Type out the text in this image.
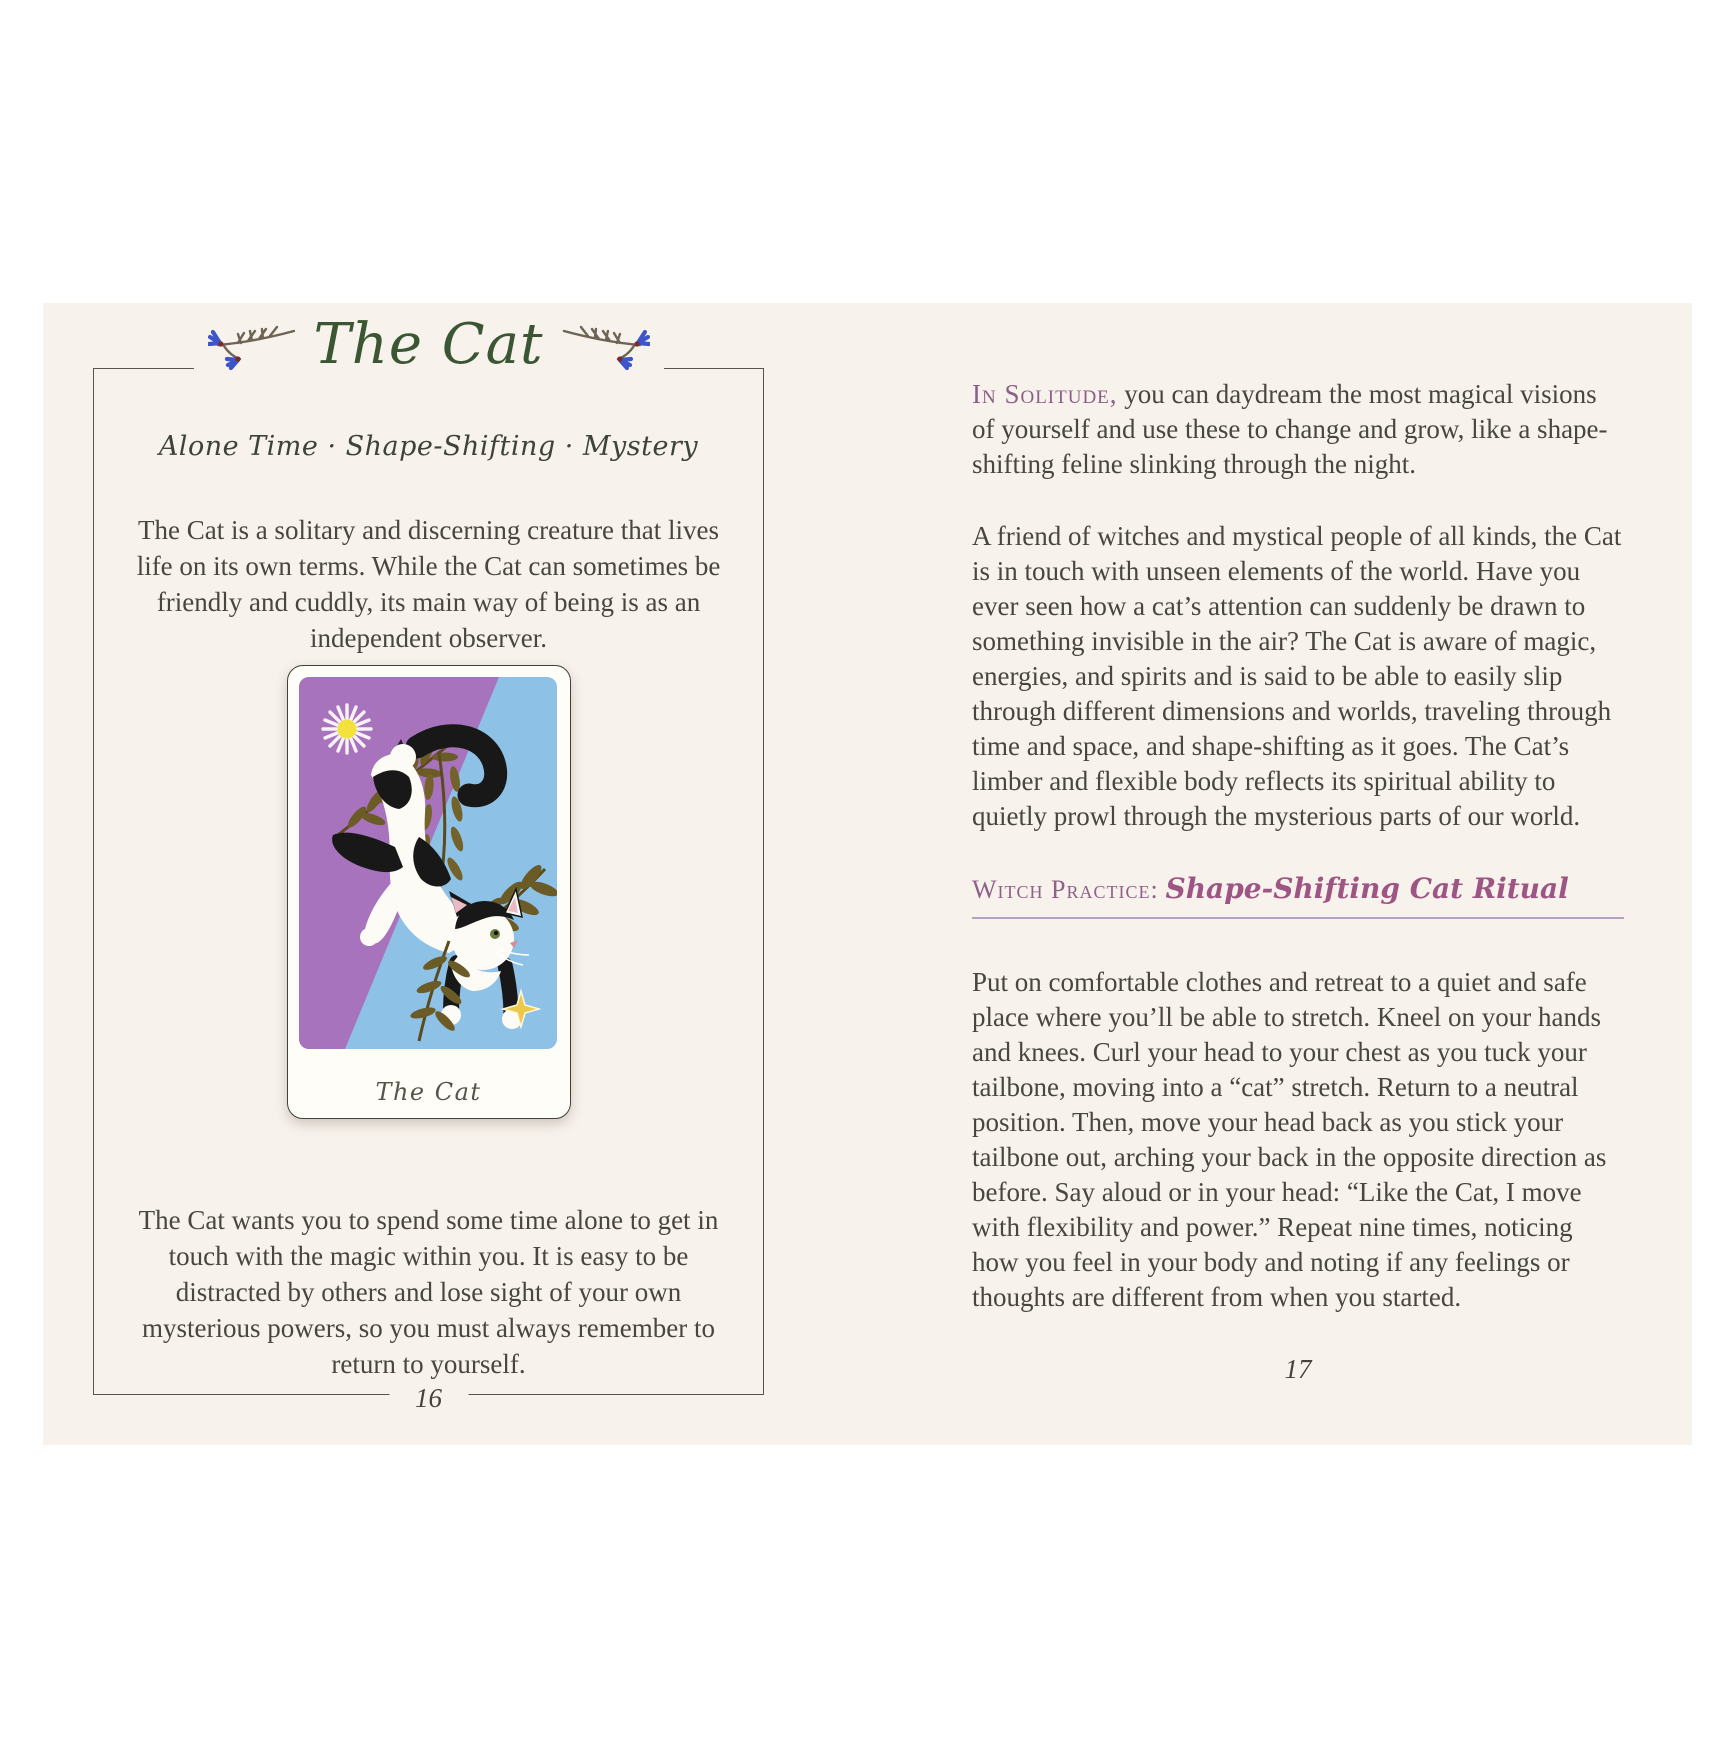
The Cat
Alone Time · Shape-Shifting · Mystery

The Cat is a solitary and discerning creature that lives life on its own terms. While the Cat can sometimes be friendly and cuddly, its main way of being is as an independent observer.

The Cat

The Cat wants you to spend some time alone to get in touch with the magic within you. It is easy to be distracted by others and lose sight of your own mysterious powers, so you must always remember to return to yourself.

16

In Solitude, you can daydream the most magical visions of yourself and use these to change and grow, like a shape-shifting feline slinking through the night.

A friend of witches and mystical people of all kinds, the Cat is in touch with unseen elements of the world. Have you ever seen how a cat’s attention can suddenly be drawn to something invisible in the air? The Cat is aware of magic, energies, and spirits and is said to be able to easily slip through different dimensions and worlds, traveling through time and space, and shape-shifting as it goes. The Cat’s limber and flexible body reflects its spiritual ability to quietly prowl through the mysterious parts of our world.

Witch Practice: Shape-Shifting Cat Ritual

Put on comfortable clothes and retreat to a quiet and safe place where you’ll be able to stretch. Kneel on your hands and knees. Curl your head to your chest as you tuck your tailbone, moving into a “cat” stretch. Return to a neutral position. Then, move your head back as you stick your tailbone out, arching your back in the opposite direction as before. Say aloud or in your head: “Like the Cat, I move with flexibility and power.” Repeat nine times, noticing how you feel in your body and noting if any feelings or thoughts are different from when you started.

17
